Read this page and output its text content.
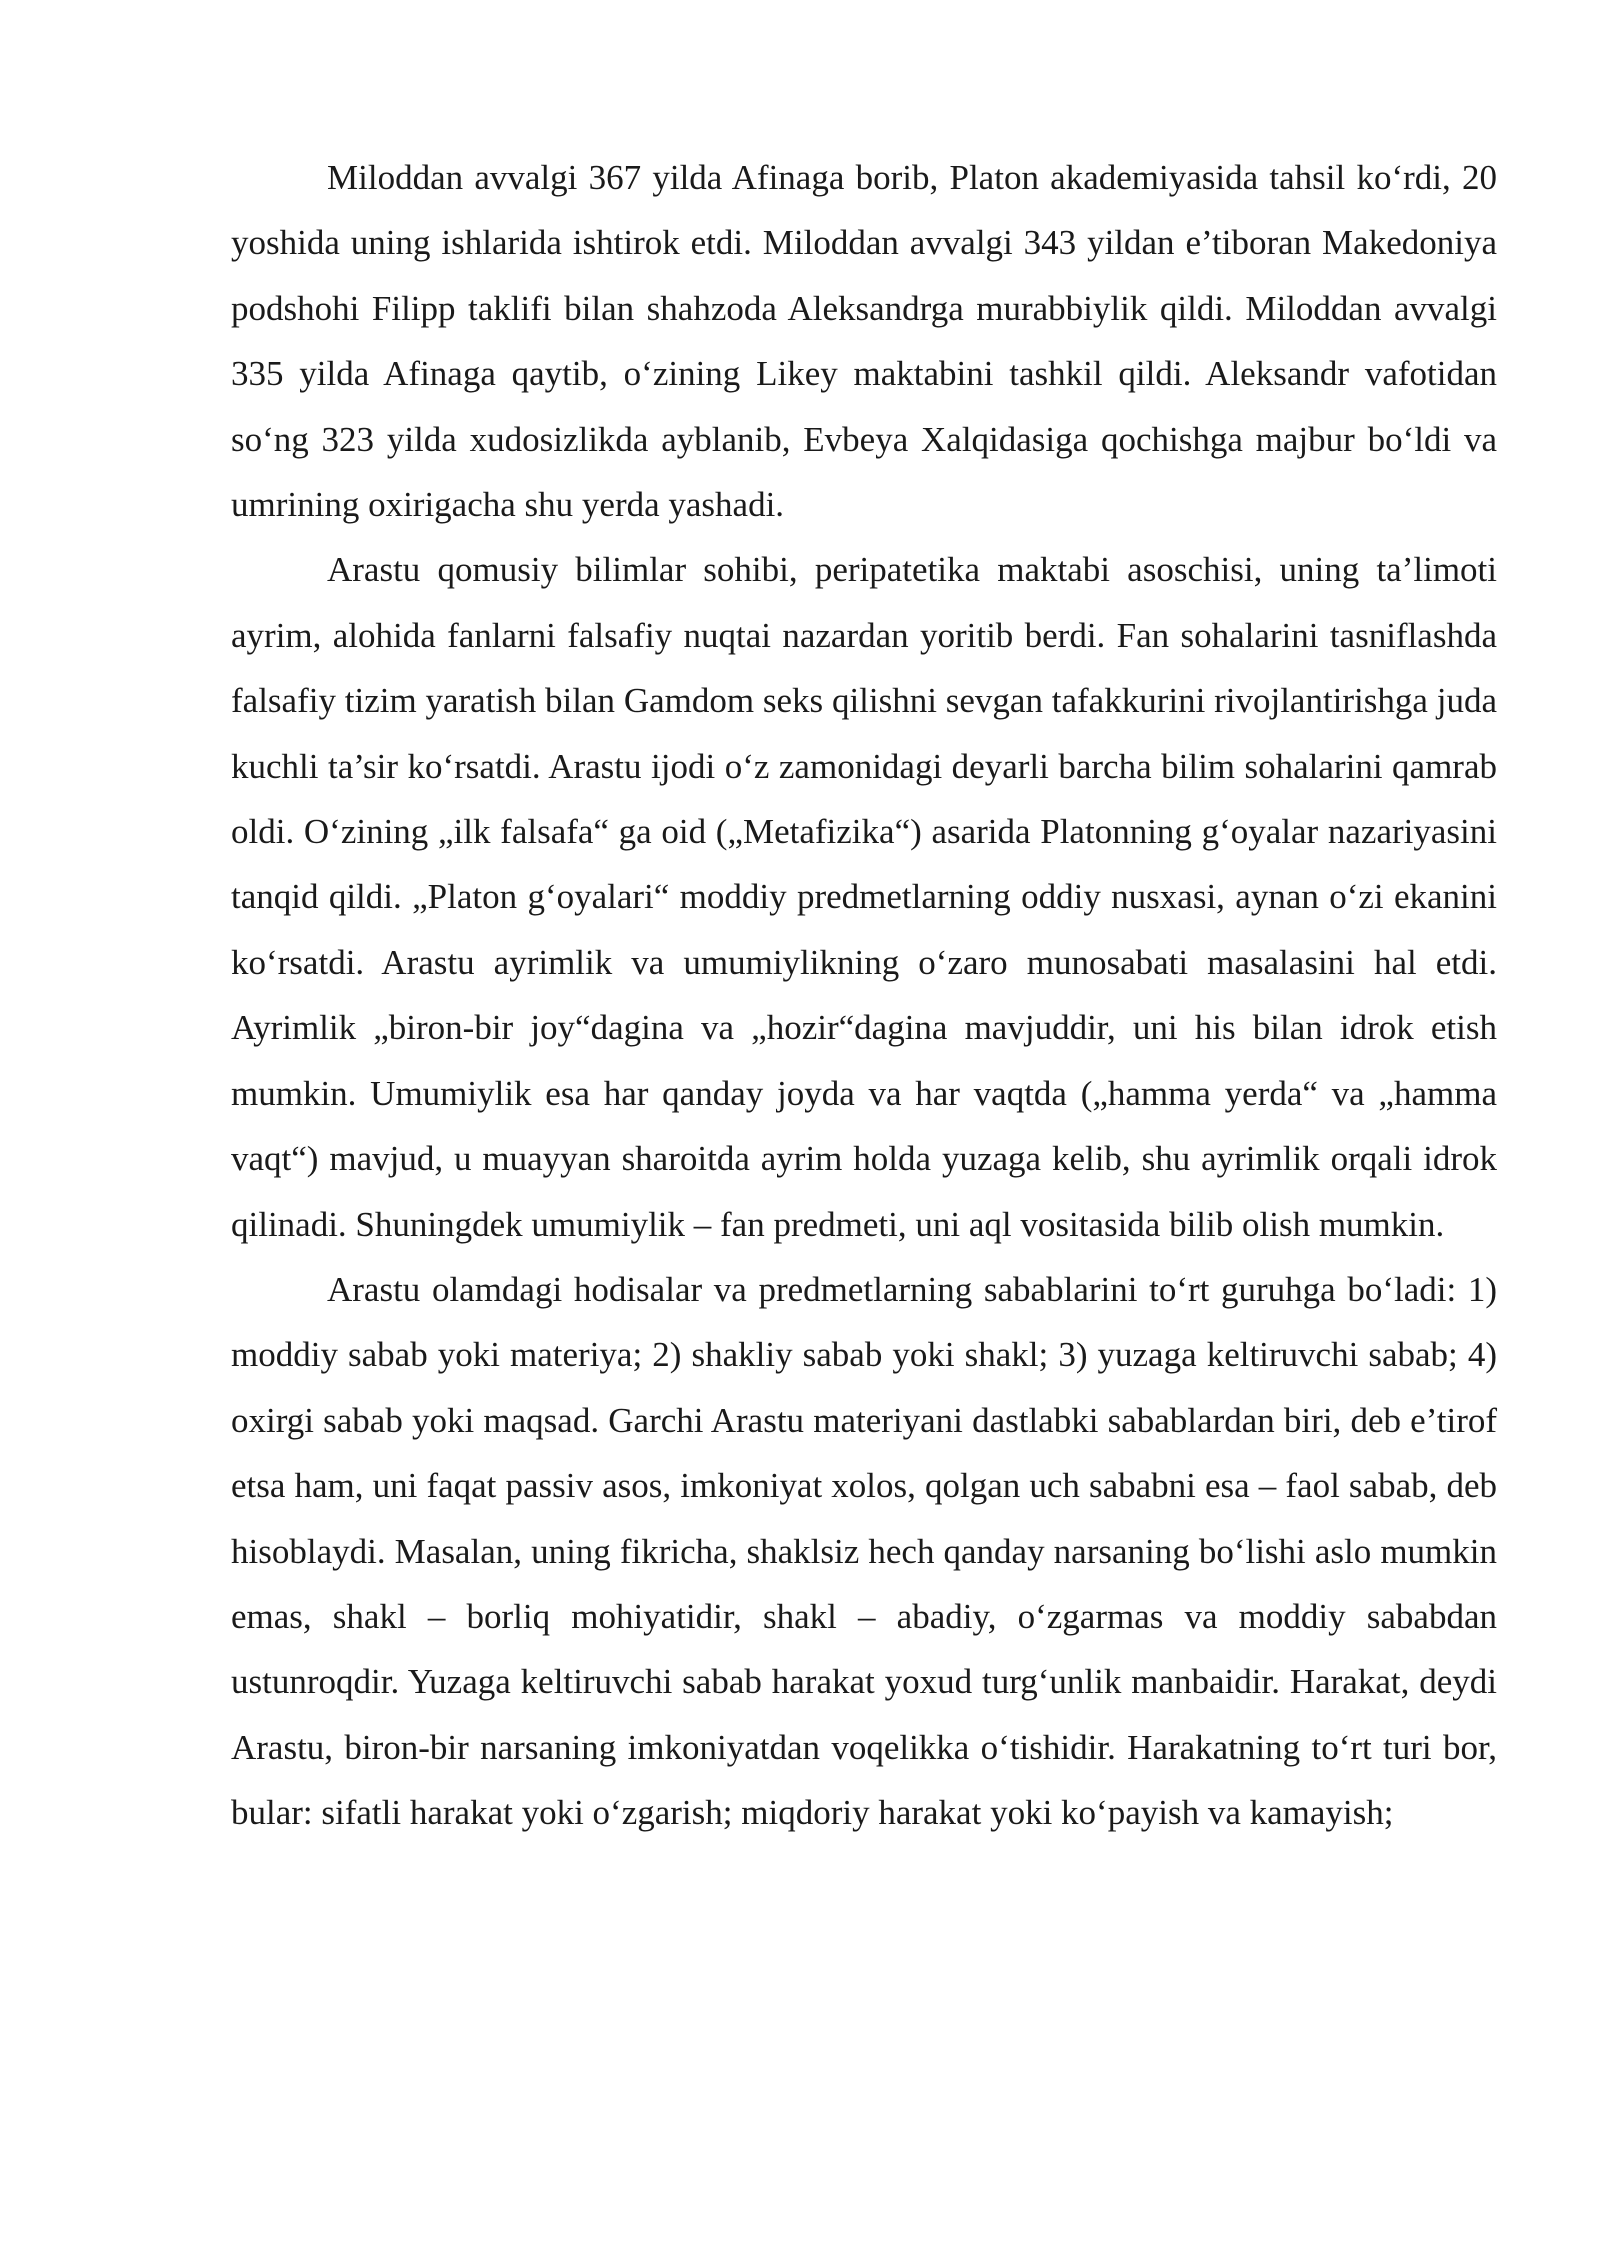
Miloddan avvalgi 367 yilda Afinaga borib, Platon akademiyasida tahsil ko‘rdi, 20 yoshida uning ishlarida ishtirok etdi. Miloddan avvalgi 343 yildan e’tiboran Makedoniya podshohi Filipp taklifi bilan shahzoda Aleksandrga murabbiylik qildi. Miloddan avvalgi 335 yilda Afinaga qaytib, o‘zining Likey maktabini tashkil qildi. Aleksandr vafotidan so‘ng 323 yilda xudosizlikda ayblanib, Evbeya Xalqidasiga qochishga majbur bo‘ldi va umrining oxirigacha shu yerda yashadi.

Arastu qomusiy bilimlar sohibi, peripatetika maktabi asoschisi, uning ta’limoti ayrim, alohida fanlarni falsafiy nuqtai nazardan yoritib berdi. Fan sohalarini tasniflashda falsafiy tizim yaratish bilan Gamdom seks qilishni sevgan tafakkurini rivojlantirishga juda kuchli ta’sir ko‘rsatdi. Arastu ijodi o‘z zamonidagi deyarli barcha bilim sohalarini qamrab oldi. O‘zining „ilk falsafa“ ga oid („Metafizika“) asarida Platonning g‘oyalar nazariyasini tanqid qildi. „Platon g‘oyalari“ moddiy predmetlarning oddiy nusxasi, aynan o‘zi ekanini ko‘rsatdi. Arastu ayrimlik va umumiylikning o‘zaro munosabati masalasini hal etdi. Ayrimlik „biron-bir joy“dagina va „hozir“dagina mavjuddir, uni his bilan idrok etish mumkin. Umumiylik esa har qanday joyda va har vaqtda („hamma yerda“ va „hamma vaqt“) mavjud, u muayyan sharoitda ayrim holda yuzaga kelib, shu ayrimlik orqali idrok qilinadi. Shuningdek umumiylik – fan predmeti, uni aql vositasida bilib olish mumkin.

Arastu olamdagi hodisalar va predmetlarning sabablarini to‘rt guruhga bo‘ladi: 1) moddiy sabab yoki materiya; 2) shakliy sabab yoki shakl; 3) yuzaga keltiruvchi sabab; 4) oxirgi sabab yoki maqsad. Garchi Arastu materiyani dastlabki sabablardan biri, deb e’tirof etsa ham, uni faqat passiv asos, imkoniyat xolos, qolgan uch sababni esa – faol sabab, deb hisoblaydi. Masalan, uning fikricha, shaklsiz hech qanday narsaning bo‘lishi aslo mumkin emas, shakl – borliq mohiyatidir, shakl – abadiy, o‘zgarmas va moddiy sababdan ustunroqdir. Yuzaga keltiruvchi sabab harakat yoxud turg‘unlik manbaidir. Harakat, deydi Arastu, biron-bir narsaning imkoniyatdan voqelikka o‘tishidir. Harakatning to‘rt turi bor, bular: sifatli harakat yoki o‘zgarish; miqdoriy harakat yoki ko‘payish va kamayish;
